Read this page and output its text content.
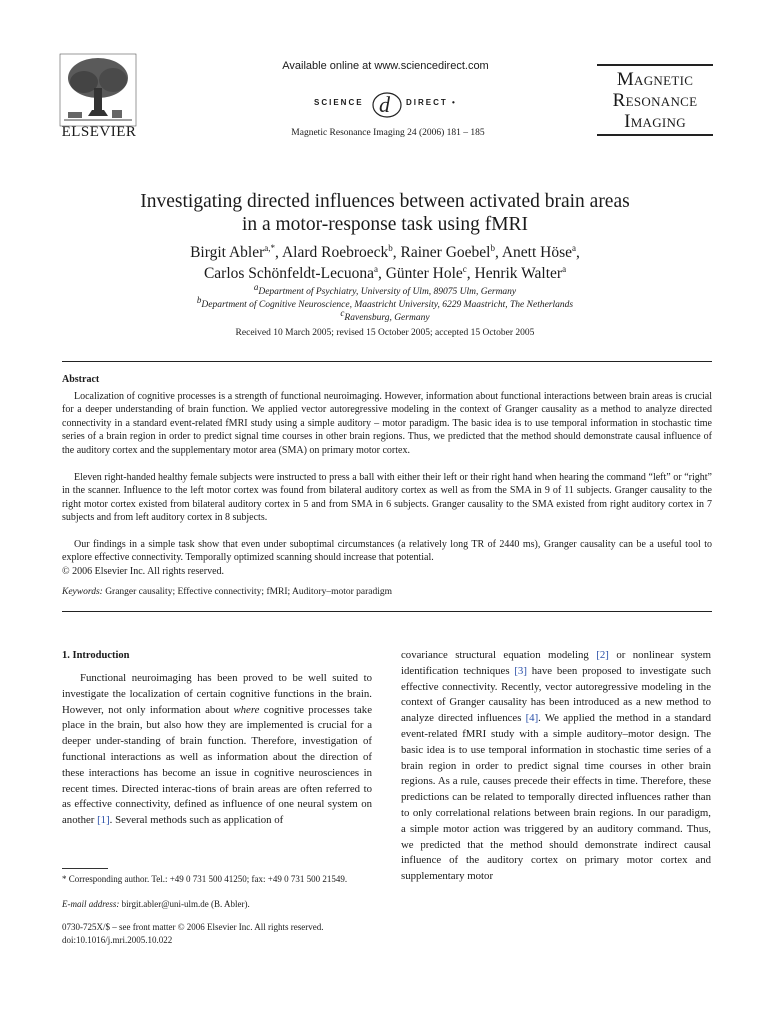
ELSEVIER
Available online at www.sciencedirect.com
SCIENCE d DIRECT •
Magnetic Resonance Imaging 24 (2006) 181 – 185
Magnetic
Resonance
Imaging
Investigating directed influences between activated brain areas
in a motor-response task using fMRI
Birgit Abler$^{a,*}$, Alard Roebroeck$^b$, Rainer Goebel$^b$, Anett Höse$^a$,
Carlos Schönfeldt-Lecuona$^a$, Günter Hole$^c$, Henrik Walter$^a$
$^a$Department of Psychiatry, University of Ulm, 89075 Ulm, Germany
$^b$Department of Cognitive Neuroscience, Maastricht University, 6229 Maastricht, The Netherlands
$^c$Ravensburg, Germany
Received 10 March 2005; revised 15 October 2005; accepted 15 October 2005
Abstract

Localization of cognitive processes is a strength of functional neuroimaging. However, information about functional interactions between brain areas is crucial for a deeper understanding of brain function. We applied vector autoregressive modeling in the context of Granger causality as a method to analyze directed connectivity in a standard event-related fMRI study using a simple auditory – motor paradigm. The basic idea is to use temporal information in stochastic time series of a brain region in order to predict signal time courses in other brain regions. Thus, we predicted that the method should demonstrate causal influence of the auditory cortex and the supplementary motor area (SMA) on primary motor cortex.

Eleven right-handed healthy female subjects were instructed to press a ball with either their left or their right hand when hearing the command “left” or “right” in the scanner. Influence to the left motor cortex was found from bilateral auditory cortex as well as from the SMA in 9 of 11 subjects. Granger causality to the right motor cortex existed from bilateral auditory cortex in 5 and from SMA in 6 subjects. Granger causality to the SMA existed from right auditory cortex in 7 subjects and from left auditory cortex in 8 subjects.

Our findings in a simple task show that even under suboptimal circumstances (a relatively long TR of 2440 ms), Granger causality can be a useful tool to explore effective connectivity. Temporally optimized scanning should increase that potential.

© 2006 Elsevier Inc. All rights reserved.
Keywords: Granger causality; Effective connectivity; fMRI; Auditory–motor paradigm
1. Introduction

Functional neuroimaging has been proved to be well suited to investigate the localization of certain cognitive functions in the brain. However, not only information about where cognitive processes take place in the brain, but also how they are implemented is crucial for a deeper under-standing of brain function. Therefore, investigation of functional interactions as well as information about the direction of these interactions has become an issue in cognitive neurosciences in recent times. Directed interac-tions of brain areas are often referred to as effective connectivity, defined as influence of one neural system on another [1]. Several methods such as application of

covariance structural equation modeling [2] or nonlinear system identification techniques [3] have been proposed to investigate such effective connectivity. Recently, vector autoregressive modeling in the context of Granger causality has been introduced as a new method to analyze directed influences [4]. We applied the method in a standard event-related fMRI study with a simple auditory–motor design. The basic idea is to use temporal information in stochastic time series of a brain region in order to predict signal time courses in other brain regions. As a rule, causes precede their effects in time. Therefore, these predictions can be related to temporally directed influences rather than to only correlational relations between brain regions. In our paradigm, a simple motor action was triggered by an auditory command. Thus, we predicted that the method should demonstrate indirect causal influence of the auditory cortex on primary motor cortex and supplementary motor

* Corresponding author. Tel.: +49 0 731 500 41250; fax: +49 0 731 500 21549.
E-mail address: birgit.abler@uni-ulm.de (B. Abler).
0730-725X/$ – see front matter © 2006 Elsevier Inc. All rights reserved.
doi:10.1016/j.mri.2005.10.022
